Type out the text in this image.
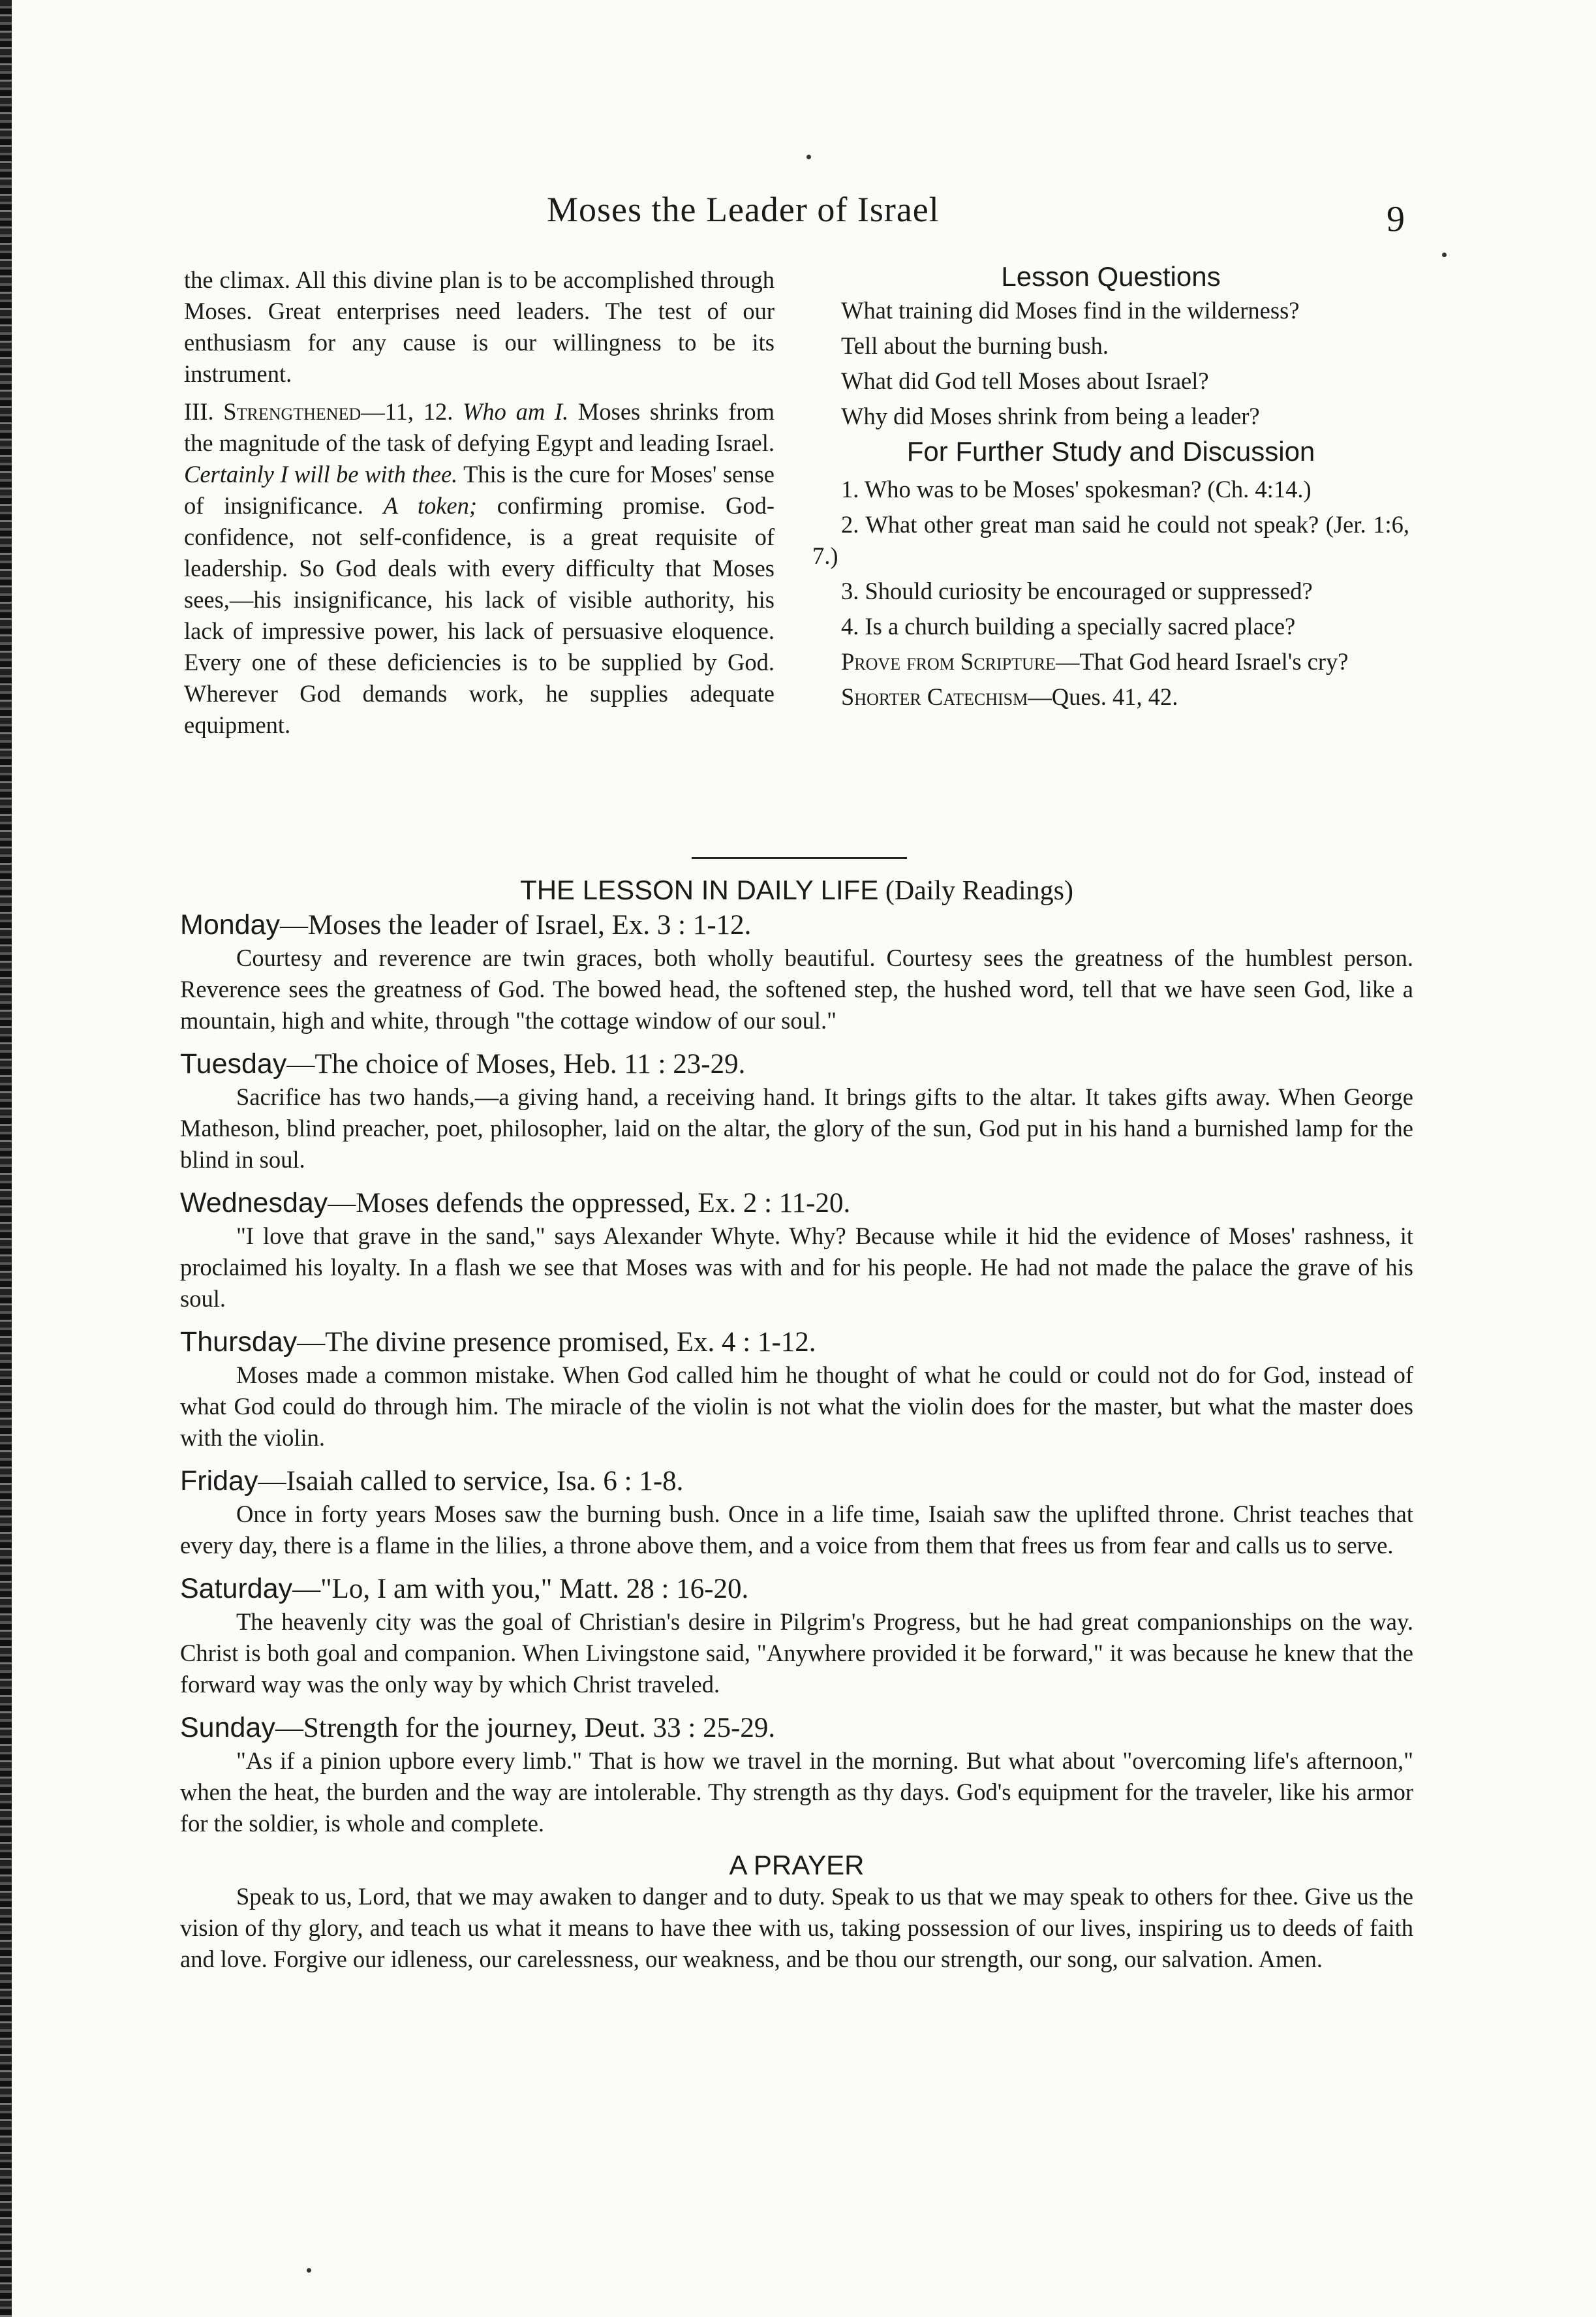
Moses the Leader of Israel	9

the climax. All this divine plan is to be accomplished through Moses. Great enterprises need leaders. The test of our enthusiasm for any cause is our willingness to be its instrument.

III. Strengthened—11, 12. Who am I. Moses shrinks from the magnitude of the task of defying Egypt and leading Israel. Certainly I will be with thee. This is the cure for Moses' sense of insignificance. A token; confirming promise. God-confidence, not self-confidence, is a great requisite of leadership. So God deals with every difficulty that Moses sees,—his insignificance, his lack of visible authority, his lack of impressive power, his lack of persuasive eloquence. Every one of these deficiencies is to be supplied by God. Wherever God demands work, he supplies adequate equipment.

Lesson Questions
What training did Moses find in the wilderness?
Tell about the burning bush.
What did God tell Moses about Israel?
Why did Moses shrink from being a leader?
For Further Study and Discussion
1. Who was to be Moses' spokesman? (Ch. 4:14.)
2. What other great man said he could not speak? (Jer. 1:6, 7.)
3. Should curiosity be encouraged or suppressed?
4. Is a church building a specially sacred place?
Prove from Scripture—That God heard Israel's cry?
Shorter Catechism—Ques. 41, 42.
THE LESSON IN DAILY LIFE (Daily Readings)
Monday—Moses the leader of Israel, Ex. 3 : 1-12.
Courtesy and reverence are twin graces, both wholly beautiful. Courtesy sees the greatness of the humblest person. Reverence sees the greatness of God. The bowed head, the softened step, the hushed word, tell that we have seen God, like a mountain, high and white, through "the cottage window of our soul."
Tuesday—The choice of Moses, Heb. 11 : 23-29.
Sacrifice has two hands,—a giving hand, a receiving hand. It brings gifts to the altar. It takes gifts away. When George Matheson, blind preacher, poet, philosopher, laid on the altar, the glory of the sun, God put in his hand a burnished lamp for the blind in soul.
Wednesday—Moses defends the oppressed, Ex. 2 : 11-20.
"I love that grave in the sand," says Alexander Whyte. Why? Because while it hid the evidence of Moses' rashness, it proclaimed his loyalty. In a flash we see that Moses was with and for his people. He had not made the palace the grave of his soul.
Thursday—The divine presence promised, Ex. 4 : 1-12.
Moses made a common mistake. When God called him he thought of what he could or could not do for God, instead of what God could do through him. The miracle of the violin is not what the violin does for the master, but what the master does with the violin.
Friday—Isaiah called to service, Isa. 6 : 1-8.
Once in forty years Moses saw the burning bush. Once in a life time, Isaiah saw the uplifted throne. Christ teaches that every day, there is a flame in the lilies, a throne above them, and a voice from them that frees us from fear and calls us to serve.
Saturday—"Lo, I am with you," Matt. 28 : 16-20.
The heavenly city was the goal of Christian's desire in Pilgrim's Progress, but he had great companionships on the way. Christ is both goal and companion. When Livingstone said, "Anywhere provided it be forward," it was because he knew that the forward way was the only way by which Christ traveled.
Sunday—Strength for the journey, Deut. 33 : 25-29.
"As if a pinion upbore every limb." That is how we travel in the morning. But what about "overcoming life's afternoon," when the heat, the burden and the way are intolerable. Thy strength as thy days. God's equipment for the traveler, like his armor for the soldier, is whole and complete.
A PRAYER
Speak to us, Lord, that we may awaken to danger and to duty. Speak to us that we may speak to others for thee. Give us the vision of thy glory, and teach us what it means to have thee with us, taking possession of our lives, inspiring us to deeds of faith and love. Forgive our idleness, our carelessness, our weakness, and be thou our strength, our song, our salvation. Amen.
